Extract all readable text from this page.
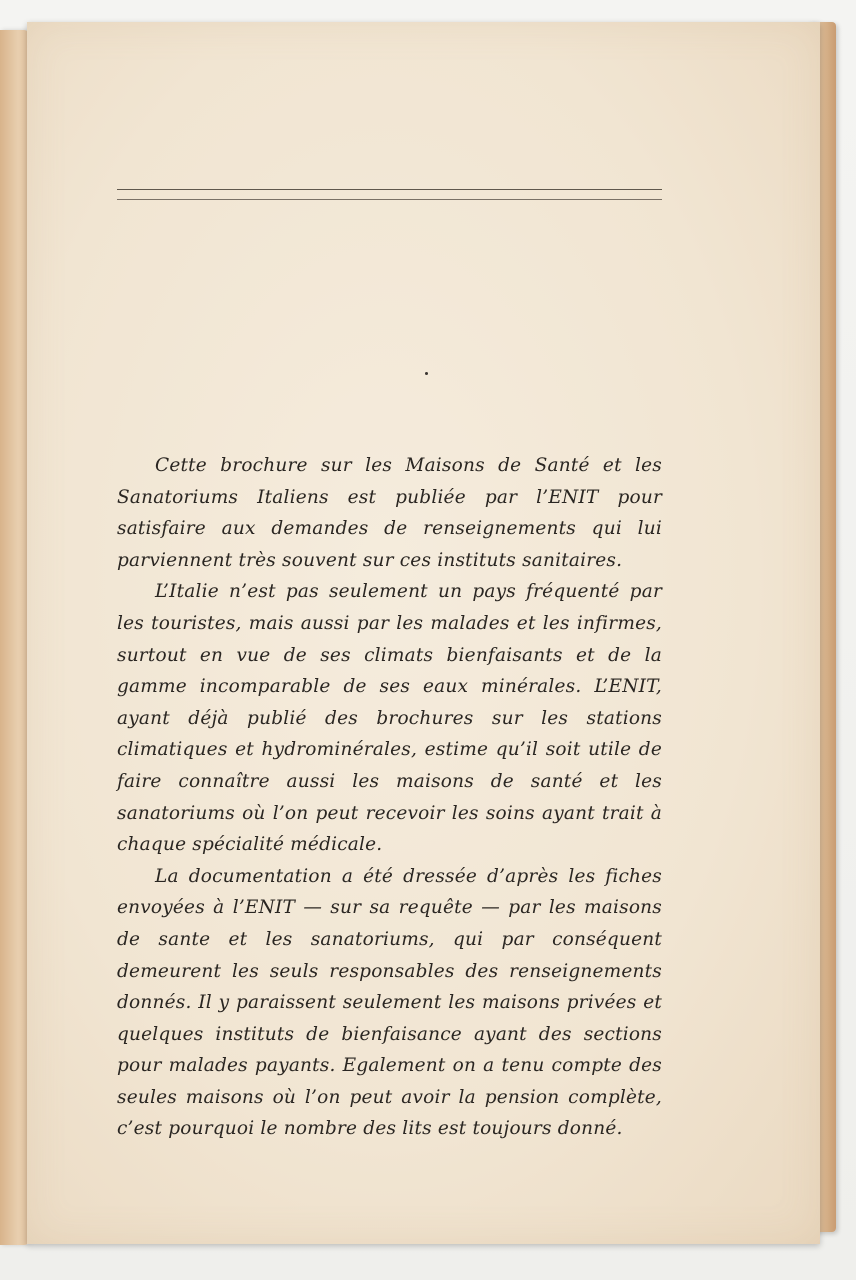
Cette brochure sur les Maisons de Santé et les Sanatoriums Italiens est publiée par l’ENIT pour satisfaire aux demandes de renseignements qui lui parviennent très souvent sur ces instituts sanitaires.

L’Italie n’est pas seulement un pays fréquenté par les touristes, mais aussi par les malades et les infirmes, surtout en vue de ses climats bienfaisants et de la gamme incomparable de ses eaux minérales. L’ENIT, ayant déjà publié des brochures sur les stations climatiques et hydrominérales, estime qu’il soit utile de faire connaître aussi les maisons de santé et les sanatoriums où l’on peut recevoir les soins ayant trait à chaque spécialité médicale.

La documentation a été dressée d’après les fiches envoyées à l’ENIT — sur sa requête — par les maisons de sante et les sanatoriums, qui par conséquent demeurent les seuls responsables des renseignements donnés. Il y paraissent seulement les maisons privées et quelques instituts de bienfaisance ayant des sections pour malades payants. Egalement on a tenu compte des seules maisons où l’on peut avoir la pension complète, c’est pourquoi le nombre des lits est toujours donné.
